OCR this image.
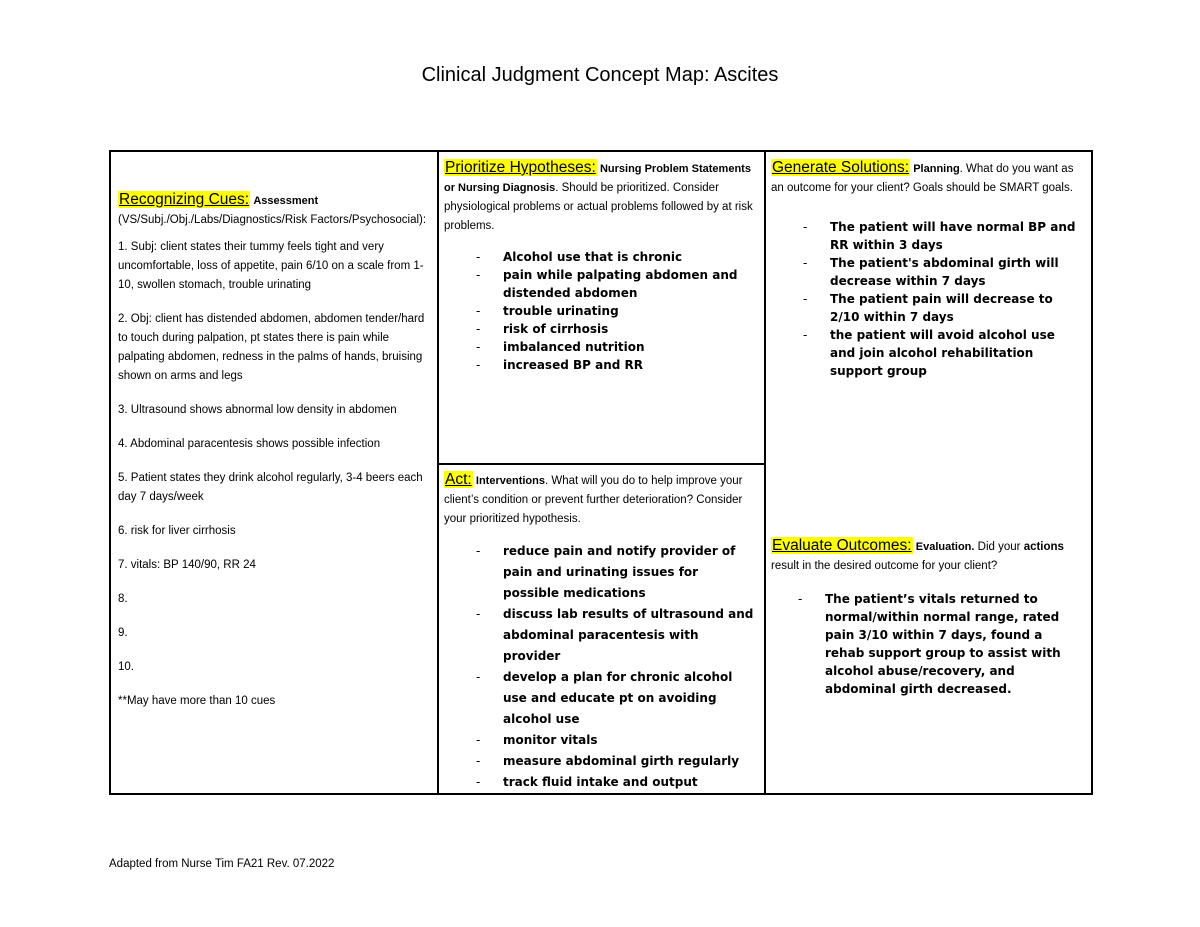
Clinical Judgment Concept Map: Ascites
Recognizing Cues: Assessment
(VS/Subj./Obj./Labs/Diagnostics/Risk Factors/Psychosocial):

1. Subj: client states their tummy feels tight and very uncomfortable, loss of appetite, pain 6/10 on a scale from 1-10, swollen stomach, trouble urinating

2. Obj: client has distended abdomen, abdomen tender/hard to touch during palpation, pt states there is pain while palpating abdomen, redness in the palms of hands, bruising shown on arms and legs

3. Ultrasound shows abnormal low density in abdomen

4. Abdominal paracentesis shows possible infection

5. Patient states they drink alcohol regularly, 3-4 beers each day 7 days/week

6. risk for liver cirrhosis

7. vitals: BP 140/90, RR 24

8.

9.

10.

**May have more than 10 cues

Prioritize Hypotheses: Nursing Problem Statements or Nursing Diagnosis. Should be prioritized. Consider physiological problems or actual problems followed by at risk problems.
- Alcohol use that is chronic
- pain while palpating abdomen and distended abdomen
- trouble urinating
- risk of cirrhosis
- imbalanced nutrition
- increased BP and RR
Act: Interventions. What will you do to help improve your client’s condition or prevent further deterioration? Consider your prioritized hypothesis.
- reduce pain and notify provider of pain and urinating issues for possible medications
- discuss lab results of ultrasound and abdominal paracentesis with provider
- develop a plan for chronic alcohol use and educate pt on avoiding alcohol use
- monitor vitals
- measure abdominal girth regularly
- track fluid intake and output
Generate Solutions: Planning. What do you want as an outcome for your client? Goals should be SMART goals.
- The patient will have normal BP and RR within 3 days
- The patient's abdominal girth will decrease within 7 days
- The patient pain will decrease to 2/10 within 7 days
- the patient will avoid alcohol use and join alcohol rehabilitation support group
Evaluate Outcomes: Evaluation. Did your actions result in the desired outcome for your client?
- The patient’s vitals returned to normal/within normal range, rated pain 3/10 within 7 days, found a rehab support group to assist with alcohol abuse/recovery, and abdominal girth decreased.
Adapted from Nurse Tim FA21 Rev. 07.2022
